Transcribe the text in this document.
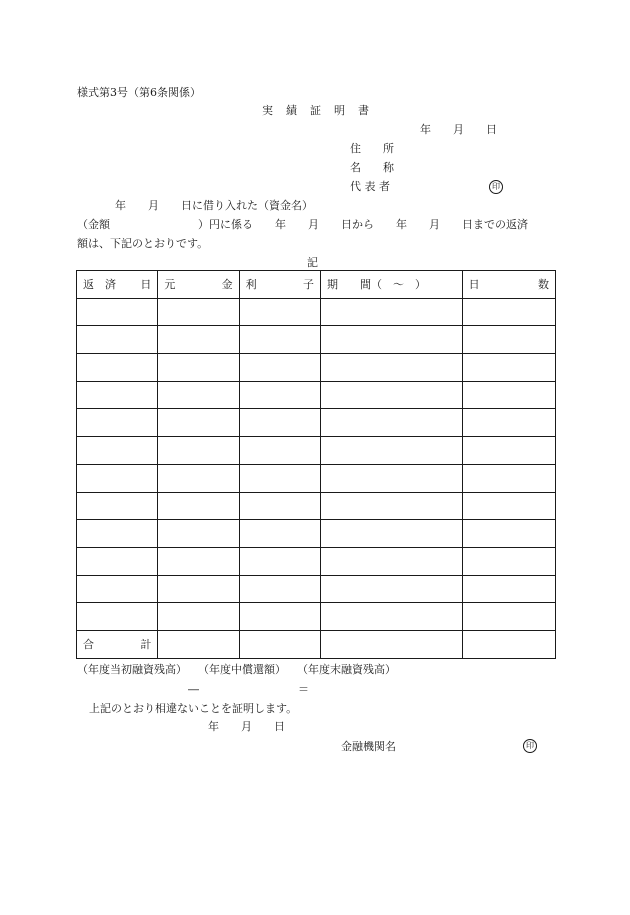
様式第3号（第6条関係）
実　績　証　明　書
年　　月　　日
住　　所
名　　称
代 表 者	印
年　　月　　日に借り入れた（資金名）
（金額　　　　　　　　）円に係る　　年　　月　　日から　　年　　月　　日までの返済
額は、下記のとおりです。
記
返　済 日	元 金	利 子	期　　間（　～　）	日 数

合 計				

（年度当初融資残高）　　（年度中償還額）　　（年度末融資残高）
―　　　　　　　　　＝
上記のとおり相違ないことを証明します。
年　　月　　日
金融機関名	印
